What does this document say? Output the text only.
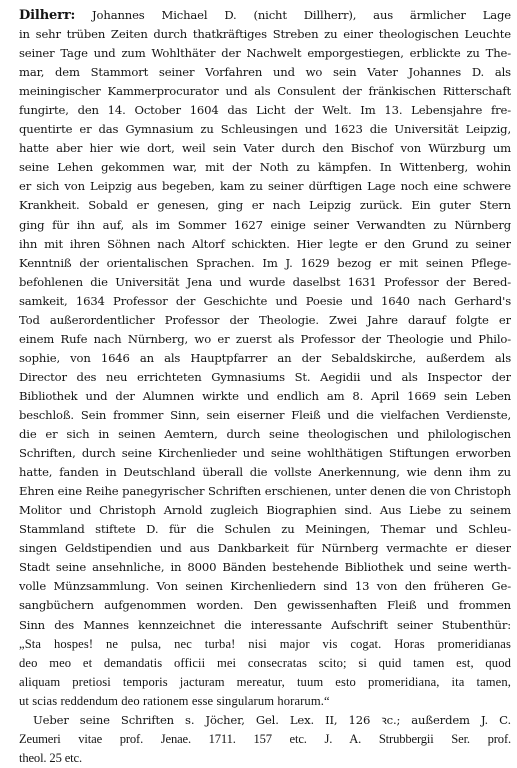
Dilherr: Johannes Michael D. (nicht Dillherr), aus ärmlicher Lage
in sehr trüben Zeiten durch thatkräftiges Streben zu einer theologischen Leuchte
seiner Tage und zum Wohlthäter der Nachwelt emporgestiegen, erblickte zu The-
mar, dem Stammort seiner Vorfahren und wo sein Vater Johannes D. als
meiningischer Kammerprocurator und als Consulent der fränkischen Ritterschaft
fungirte, den 14. October 1604 das Licht der Welt. Im 13. Lebensjahre fre-
quentirte er das Gymnasium zu Schleusingen und 1623 die Universität Leipzig,
hatte aber hier wie dort, weil sein Vater durch den Bischof von Würzburg um
seine Lehen gekommen war, mit der Noth zu kämpfen. In Wittenberg, wohin
er sich von Leipzig aus begeben, kam zu seiner dürftigen Lage noch eine schwere
Krankheit. Sobald er genesen, ging er nach Leipzig zurück. Ein guter Stern
ging für ihn auf, als im Sommer 1627 einige seiner Verwandten zu Nürnberg
ihn mit ihren Söhnen nach Altorf schickten. Hier legte er den Grund zu seiner
Kenntniß der orientalischen Sprachen. Im J. 1629 bezog er mit seinen Pflege-
befohlenen die Universität Jena und wurde daselbst 1631 Professor der Bered-
samkeit, 1634 Professor der Geschichte und Poesie und 1640 nach Gerhard's
Tod außerordentlicher Professor der Theologie. Zwei Jahre darauf folgte er
einem Rufe nach Nürnberg, wo er zuerst als Professor der Theologie und Philo-
sophie, von 1646 an als Hauptpfarrer an der Sebaldskirche, außerdem als
Director des neu errichteten Gymnasiums St. Aegidii und als Inspector der
Bibliothek und der Alumnen wirkte und endlich am 8. April 1669 sein Leben
beschloß. Sein frommer Sinn, sein eiserner Fleiß und die vielfachen Verdienste,
die er sich in seinen Aemtern, durch seine theologischen und philologischen
Schriften, durch seine Kirchenlieder und seine wohlthätigen Stiftungen erworben
hatte, fanden in Deutschland überall die vollste Anerkennung, wie denn ihm zu
Ehren eine Reihe panegyrischer Schriften erschienen, unter denen die von Christoph
Molitor und Christoph Arnold zugleich Biographien sind. Aus Liebe zu seinem
Stammland stiftete D. für die Schulen zu Meiningen, Themar und Schleu-
singen Geldstipendien und aus Dankbarkeit für Nürnberg vermachte er dieser
Stadt seine ansehnliche, in 8000 Bänden bestehende Bibliothek und seine werth-
volle Münzsammlung. Von seinen Kirchenliedern sind 13 von den früheren Ge-
sangbüchern aufgenommen worden. Den gewissenhaften Fleiß und frommen
Sinn des Mannes kennzeichnet die interessante Aufschrift seiner Stubenthür:
„Sta hospes! ne pulsa, nec turba! nisi major vis cogat. Horas promeridianas
deo meo et demandatis officii mei consecratas scito; si quid tamen est, quod
aliquam pretiosi temporis jacturam mereatur, tuum esto promeridiana, ita tamen,
ut scias reddendum deo rationem esse singularum horarum.“
Ueber seine Schriften s. Jöcher, Gel. Lex. II, 126 ꝛc.; außerdem J. C.
Zeumeri vitae prof. Jenae. 1711. 157 etc. J. A. Strubbergii Ser. prof.
theol. 25 etc.
